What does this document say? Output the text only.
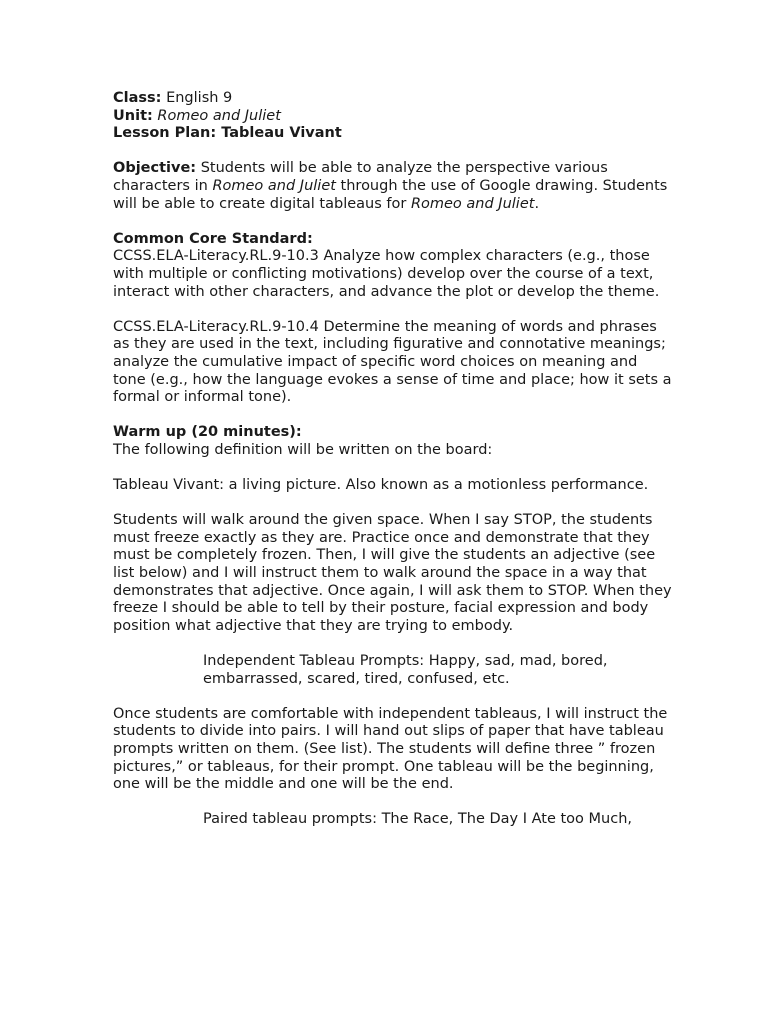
Class: English 9

Unit: Romeo and Juliet

Lesson Plan: Tableau Vivant

Objective: Students will be able to analyze the perspective various characters in Romeo and Juliet through the use of Google drawing. Students will be able to create digital tableaus for Romeo and Juliet.

Common Core Standard:

CCSS.ELA-Literacy.RL.9-10.3 Analyze how complex characters (e.g., those with multiple or conflicting motivations) develop over the course of a text, interact with other characters, and advance the plot or develop the theme.

CCSS.ELA-Literacy.RL.9-10.4 Determine the meaning of words and phrases as they are used in the text, including figurative and connotative meanings; analyze the cumulative impact of specific word choices on meaning and tone (e.g., how the language evokes a sense of time and place; how it sets a formal or informal tone).

Warm up (20 minutes):

The following definition will be written on the board:

Tableau Vivant: a living picture. Also known as a motionless performance.

Students will walk around the given space. When I say STOP, the students must freeze exactly as they are. Practice once and demonstrate that they must be completely frozen. Then, I will give the students an adjective (see list below) and I will instruct them to walk around the space in a way that demonstrates that adjective. Once again, I will ask them to STOP. When they freeze I should be able to tell by their posture, facial expression and body position what adjective that they are trying to embody.

Independent Tableau Prompts: Happy, sad, mad, bored, embarrassed, scared, tired, confused, etc.

Once students are comfortable with independent tableaus, I will instruct the students to divide into pairs. I will hand out slips of paper that have tableau prompts written on them. (See list). The students will define three ” frozen pictures,” or tableaus, for their prompt. One tableau will be the beginning, one will be the middle and one will be the end.

Paired tableau prompts: The Race, The Day I Ate too Much,
